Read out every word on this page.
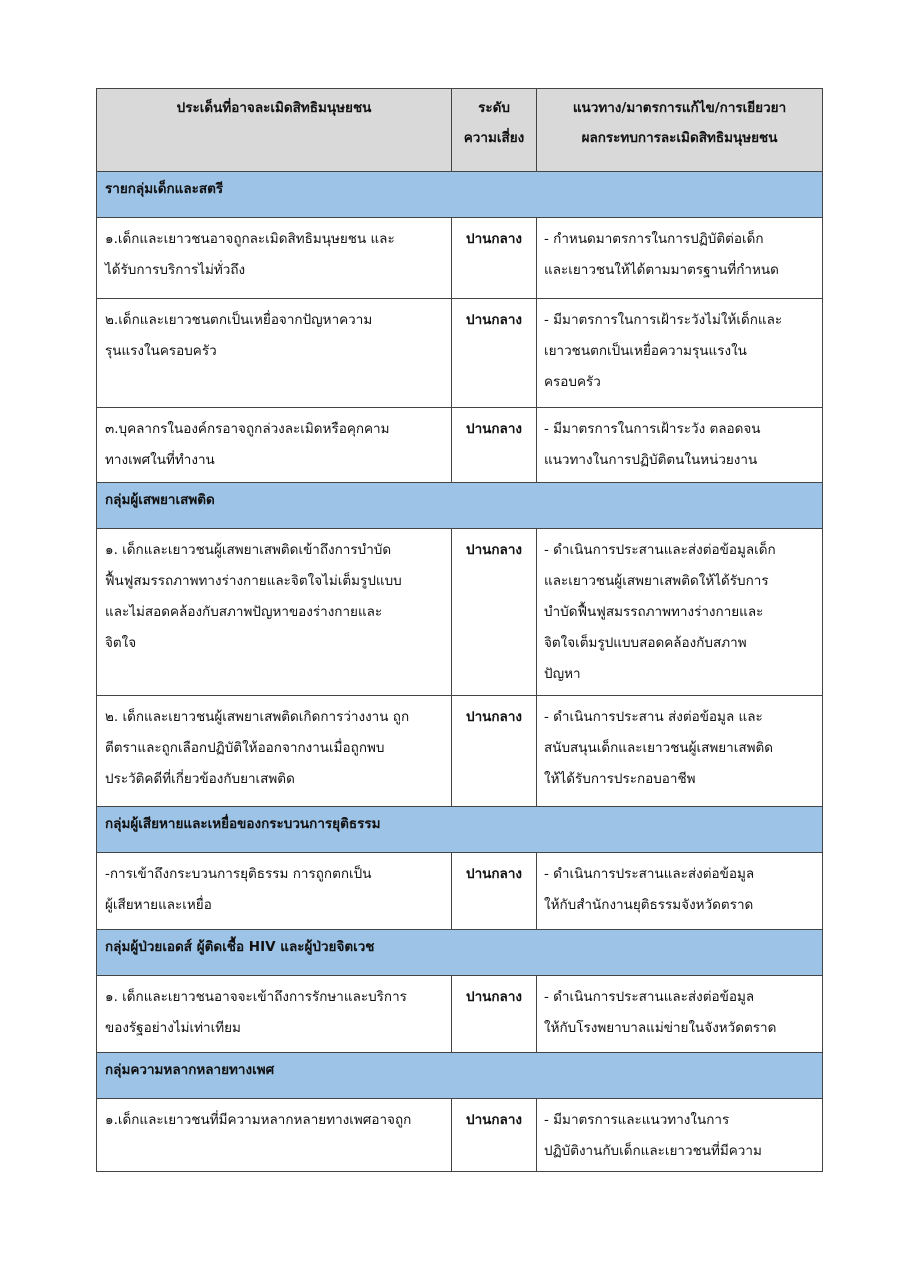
ประเด็นที่อาจละเมิดสิทธิมนุษยชน	ระดับ
ความเสี่ยง	แนวทาง/มาตรการแก้ไข/การเยียวยา
ผลกระทบการละเมิดสิทธิมนุษยชน

รายกลุ่มเด็กและสตรี		

๑.เด็กและเยาวชนอาจถูกละเมิดสิทธิมนุษยชน และ
ได้รับการบริการไม่ทั่วถึง	ปานกลาง	- กำหนดมาตรการในการปฏิบัติต่อเด็ก
และเยาวชนให้ได้ตามมาตรฐานที่กำหนด

๒.เด็กและเยาวชนตกเป็นเหยื่อจากปัญหาความ
รุนแรงในครอบครัว	ปานกลาง	- มีมาตรการในการเฝ้าระวังไม่ให้เด็กและ
เยาวชนตกเป็นเหยื่อความรุนแรงใน
ครอบครัว

๓.บุคลากรในองค์กรอาจถูกล่วงละเมิดหรือคุกคาม
ทางเพศในที่ทำงาน	ปานกลาง	- มีมาตรการในการเฝ้าระวัง ตลอดจน
แนวทางในการปฏิบัติตนในหน่วยงาน

กลุ่มผู้เสพยาเสพติด		

๑. เด็กและเยาวชนผู้เสพยาเสพติดเข้าถึงการบำบัด
ฟื้นฟูสมรรถภาพทางร่างกายและจิตใจไม่เต็มรูปแบบ
และไม่สอดคล้องกับสภาพปัญหาของร่างกายและ
จิตใจ	ปานกลาง	- ดำเนินการประสานและส่งต่อข้อมูลเด็ก
และเยาวชนผู้เสพยาเสพติดให้ได้รับการ
บำบัดฟื้นฟูสมรรถภาพทางร่างกายและ
จิตใจเต็มรูปแบบสอดคล้องกับสภาพ
ปัญหา

๒. เด็กและเยาวชนผู้เสพยาเสพติดเกิดการว่างงาน ถูก
ตีตราและถูกเลือกปฏิบัติให้ออกจากงานเมื่อถูกพบ
ประวัติคดีที่เกี่ยวข้องกับยาเสพติด	ปานกลาง	- ดำเนินการประสาน ส่งต่อข้อมูล และ
สนับสนุนเด็กและเยาวชนผู้เสพยาเสพติด
ให้ได้รับการประกอบอาชีพ

กลุ่มผู้เสียหายและเหยื่อของกระบวนการยุติธรรม		

-การเข้าถึงกระบวนการยุติธรรม การถูกตกเป็น
ผู้เสียหายและเหยื่อ	ปานกลาง	- ดำเนินการประสานและส่งต่อข้อมูล
ให้กับสำนักงานยุติธรรมจังหวัดตราด

กลุ่มผู้ป่วยเอดส์ ผู้ติดเชื้อ HIV และผู้ป่วยจิตเวช		

๑. เด็กและเยาวชนอาจจะเข้าถึงการรักษาและบริการ
ของรัฐอย่างไม่เท่าเทียม	ปานกลาง	- ดำเนินการประสานและส่งต่อข้อมูล
ให้กับโรงพยาบาลแม่ข่ายในจังหวัดตราด

กลุ่มความหลากหลายทางเพศ		

๑.เด็กและเยาวชนที่มีความหลากหลายทางเพศอาจถูก	ปานกลาง	- มีมาตรการและแนวทางในการ
ปฏิบัติงานกับเด็กและเยาวชนที่มีความ
